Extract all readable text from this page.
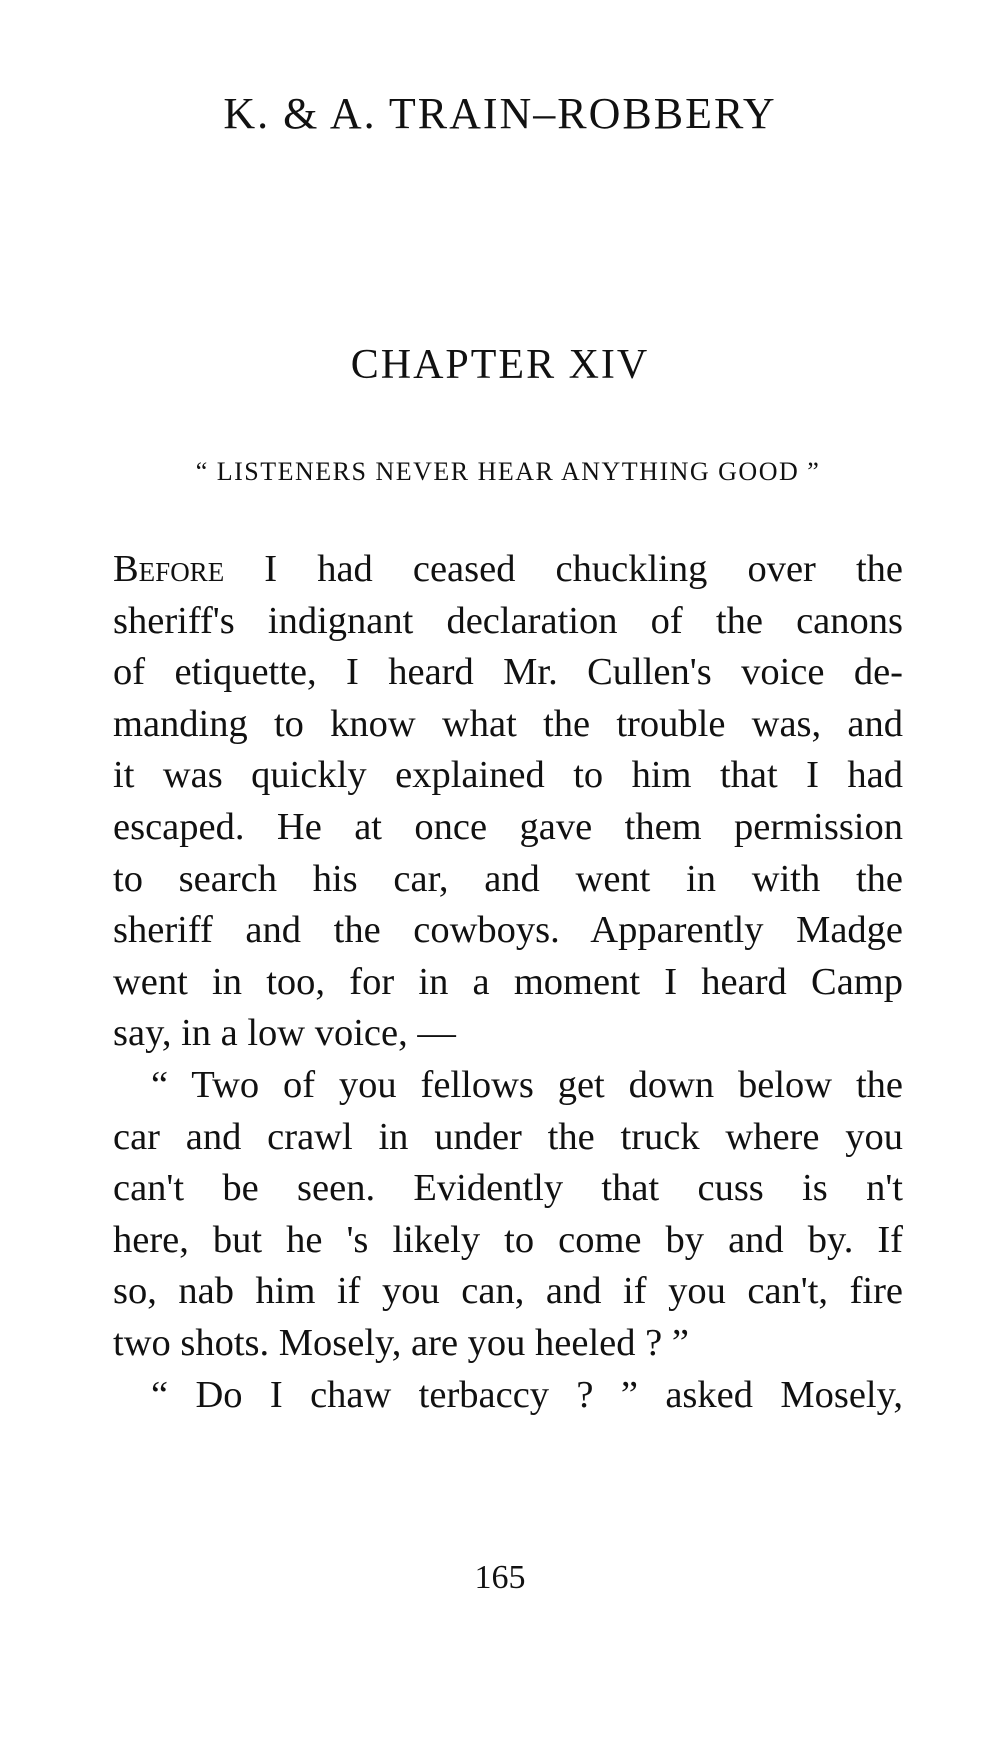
K. & A. TRAIN–ROBBERY
CHAPTER XIV
“ LISTENERS NEVER HEAR ANYTHING GOOD ”
Before I had ceased chuckling over the
sheriff's indignant declaration of the canons
of etiquette, I heard Mr. Cullen's voice de-
manding to know what the trouble was, and
it was quickly explained to him that I had
escaped. He at once gave them permission
to search his car, and went in with the
sheriff and the cowboys. Apparently Madge
went in too, for in a moment I heard Camp
say, in a low voice, —
“ Two of you fellows get down below the
car and crawl in under the truck where you
can't be seen. Evidently that cuss is n't
here, but he 's likely to come by and by. If
so, nab him if you can, and if you can't, fire
two shots. Mosely, are you heeled ? ”
“ Do I chaw terbaccy ? ” asked Mosely,
165
